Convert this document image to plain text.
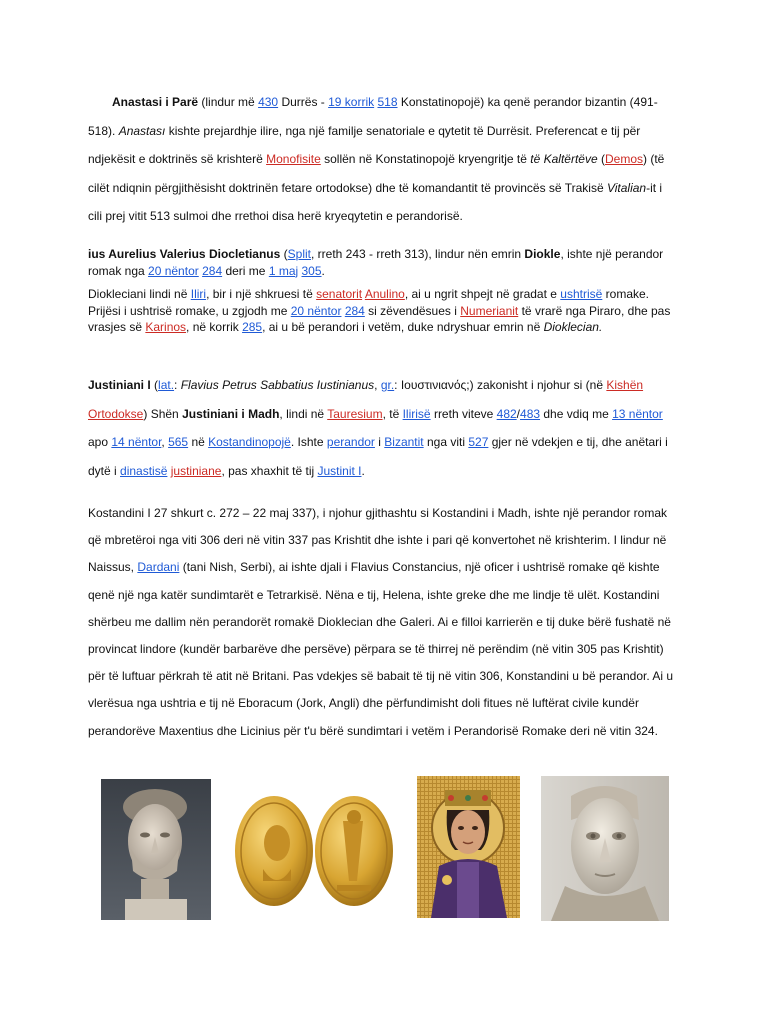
Anastasi i Parë (lindur më 430 Durrës - 19 korrik 518 Konstatinopojë) ka qenë perandor bizantin (491-518). Anastası kishte prejardhje ilire, nga një familje senatoriale e qytetit të Durrësit. Preferencat e tij për ndjekësit e doktrinës së krishterë Monofisite sollën në Konstatinopojë kryengritje të të Kaltërtëve (Demos) (të cilët ndiqnin përgjithësisht doktrinën fetare ortodokse) dhe të komandantit të provincës së Trakisë Vitalian-it i cili prej vitit 513 sulmoi dhe rrethoi disa herë kryeqytetin e perandorisë.
ius Aurelius Valerius Diocletianus (Split, rreth 243 - rreth 313), lindur nën emrin Diokle, ishte një perandor romak nga 20 nëntor 284 deri me 1 maj 305.
Diokleciani lindi në Iliri, bir i një shkruesi të senatorit Anulino, ai u ngrit shpejt në gradat e ushtrisë romake. Prijësi i ushtrisë romake, u zgjodh me 20 nëntor 284 si zëvendësues i Numerianit të vrarë nga Piraro, dhe pas vrasjes së Karinos, në korrik 285, ai u bë perandori i vetëm, duke ndryshuar emrin në Dioklecian.
Justiniani I (lat.: Flavius Petrus Sabbatius Iustinianus, gr.: Ιουστινιανός;) zakonisht i njohur si (në Kishën Ortodokse) Shën Justiniani i Madh, lindi në Tauresium, të Ilirisë rreth viteve 482/483 dhe vdiq me 13 nëntor apo 14 nëntor, 565 në Kostandinopojë. Ishte perandor i Bizantit nga viti 527 gjer në vdekjen e tij, dhe anëtari i dytë i dinastisë justiniane, pas xhaxhit të tij Justinit I.
Kostandini I 27 shkurt c. 272 – 22 maj 337), i njohur gjithashtu si Kostandini i Madh, ishte një perandor romak që mbretëroi nga viti 306 deri në vitin 337 pas Krishtit dhe ishte i pari që konvertohet në krishterim. I lindur në Naissus, Dardani (tani Nish, Serbi), ai ishte djali i Flavius Constancius, një oficer i ushtrisë romake që kishte qenë një nga katër sundimtarët e Tetrarkisë. Nëna e tij, Helena, ishte greke dhe me lindje të ulët. Kostandini shërbeu me dallim nën perandorët romakë Dioklecian dhe Galeri. Ai e filloi karrierën e tij duke bërë fushatë në provincat lindore (kundër barbarëve dhe persëve) përpara se të thirrej në perëndim (në vitin 305 pas Krishtit) për të luftuar përkrah të atit në Britani. Pas vdekjes së babait të tij në vitin 306, Konstandini u bë perandor. Ai u vlerësua nga ushtria e tij në Eboracum (Jork, Angli) dhe përfundimisht doli fitues në luftërat civile kundër perandorëve Maxentius dhe Licinius për t'u bërë sundimtari i vetëm i Perandorisë Romake deri në vitin 324.
